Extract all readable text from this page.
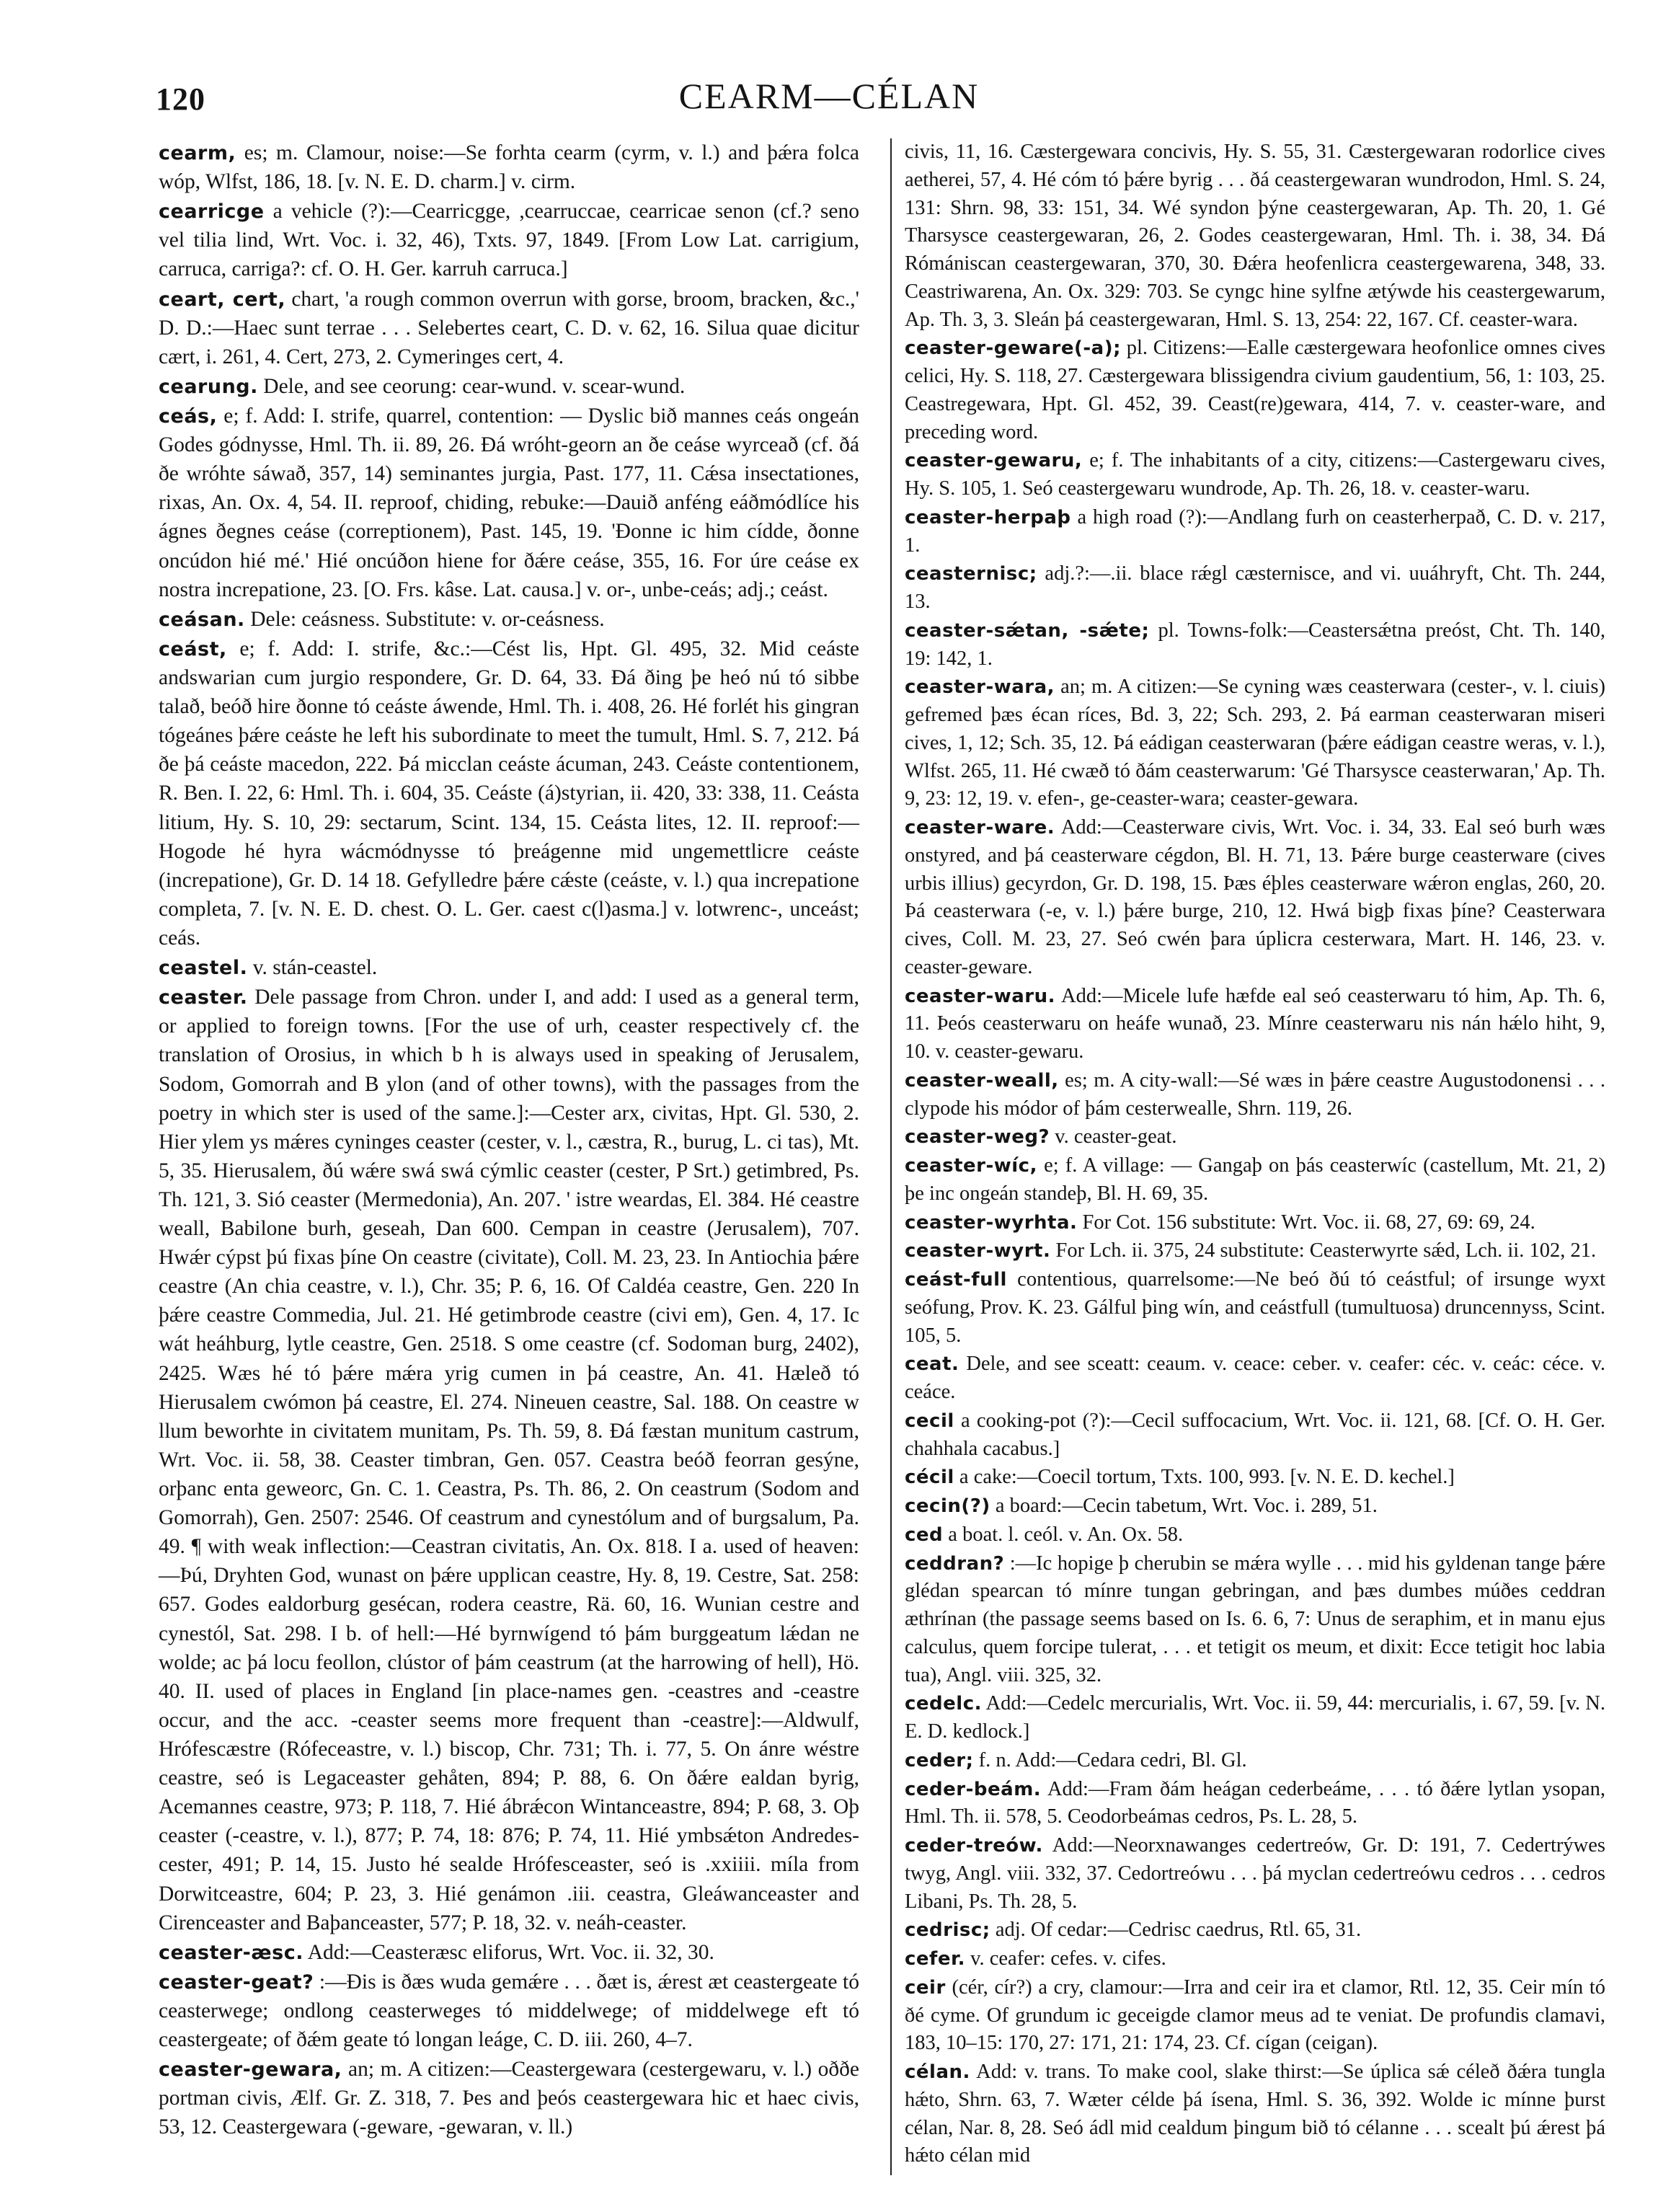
120	CEARM—CÉLAN

cearm, es; m. Clamour, noise:—Se forhta cearm (cyrm, v. l.) and þǽra folca wóp, Wlfst, 186, 18. [v. N. E. D. charm.] v. cirm.

cearricge a vehicle (?):—Cearricgge, ,cearruccae, cearricae senon (cf.? seno vel tilia lind, Wrt. Voc. i. 32, 46), Txts. 97, 1849. [From Low Lat. carrigium, carruca, carriga?: cf. O. H. Ger. karruh carruca.]

ceart, cert, chart, 'a rough common overrun with gorse, broom, bracken, &c.,' D. D.:—Haec sunt terrae . . . Selebertes ceart, C. D. v. 62, 16. Silua quae dicitur cært, i. 261, 4. Cert, 273, 2. Cymeringes cert, 4.

cearung. Dele, and see ceorung: cear-wund. v. scear-wund.

ceás, e; f. Add: I. strife, quarrel, contention: — Dyslic bið mannes ceás ongeán Godes gódnysse, Hml. Th. ii. 89, 26. Ðá wróht-georn an ðe ceáse wyrceað (cf. ðá ðe wróhte sáwað, 357, 14) seminantes jurgia, Past. 177, 11. Cǽsa insectationes, rixas, An. Ox. 4, 54. II. reproof, chiding, rebuke:—Dauið anféng eáðmódlíce his ágnes ðegnes ceáse (correptionem), Past. 145, 19. 'Ðonne ic him cídde, ðonne oncúdon hié mé.' Hié oncúðon hiene for ðǽre ceáse, 355, 16. For úre ceáse ex nostra increpatione, 23. [O. Frs. kâse. Lat. causa.] v. or-, unbe-ceás; adj.; ceást.

ceásan. Dele: ceásness. Substitute: v. or-ceásness.

ceást, e; f. Add: I. strife, &c.:—Cést lis, Hpt. Gl. 495, 32. Mid ceáste andswarian cum jurgio respondere, Gr. D. 64, 33. Ðá ðing þe heó nú tó sibbe talað, beóð hire ðonne tó ceáste áwende, Hml. Th. i. 408, 26. Hé forlét his gingran tógeánes þǽre ceáste he left his subordinate to meet the tumult, Hml. S. 7, 212. Þá ðe þá ceáste macedon, 222. Þá micclan ceáste ácuman, 243. Ceáste contentionem, R. Ben. I. 22, 6: Hml. Th. i. 604, 35. Ceáste (á)styrian, ii. 420, 33: 338, 11. Ceásta litium, Hy. S. 10, 29: sectarum, Scint. 134, 15. Ceásta lites, 12. II. reproof:—Hogode hé hyra wácmódnysse tó þreágenne mid ungemettlicre ceáste (increpatione), Gr. D. 14 18. Gefylledre þǽre cǽste (ceáste, v. l.) qua increpatione completa, 7. [v. N. E. D. chest. O. L. Ger. caest c(l)asma.] v. lotwrenc-, unceást; ceás.

ceastel. v. stán-ceastel.

ceaster. Dele passage from Chron. under I, and add: I used as a general term, or applied to foreign towns. [For the use of urh, ceaster respectively cf. the translation of Orosius, in which b h is always used in speaking of Jerusalem, Sodom, Gomorrah and B ylon (and of other towns), with the passages from the poetry in which ster is used of the same.]:—Cester arx, civitas, Hpt. Gl. 530, 2. Hier ylem ys mǽres cyninges ceaster (cester, v. l., cæstra, R., burug, L. ci tas), Mt. 5, 35. Hierusalem, ðú wǽre swá swá cýmlic ceaster (cester, P Srt.) getimbred, Ps. Th. 121, 3. Sió ceaster (Mermedonia), An. 207. ' istre weardas, El. 384. Hé ceastre weall, Babilone burh, geseah, Dan 600. Cempan in ceastre (Jerusalem), 707. Hwǽr cýpst þú fixas þíne On ceastre (civitate), Coll. M. 23, 23. In Antiochia þǽre ceastre (An chia ceastre, v. l.), Chr. 35; P. 6, 16. Of Caldéa ceastre, Gen. 220 In þǽre ceastre Commedia, Jul. 21. Hé getimbrode ceastre (civi em), Gen. 4, 17. Ic wát heáhburg, lytle ceastre, Gen. 2518. S ome ceastre (cf. Sodoman burg, 2402), 2425. Wæs hé tó þǽre mǽra yrig cumen in þá ceastre, An. 41. Hæleð tó Hierusalem cwómon þá ceastre, El. 274. Nineuen ceastre, Sal. 188. On ceastre w llum beworhte in civitatem munitam, Ps. Th. 59, 8. Ðá fæstan munitum castrum, Wrt. Voc. ii. 58, 38. Ceaster timbran, Gen. 057. Ceastra beóð feorran gesýne, orþanc enta geweorc, Gn. C. 1. Ceastra, Ps. Th. 86, 2. On ceastrum (Sodom and Gomorrah), Gen. 2507: 2546. Of ceastrum and cynestólum and of burgsalum, Pa. 49. ¶ with weak inflection:—Ceastran civitatis, An. Ox. 818. I a. used of heaven:—Þú, Dryhten God, wunast on þǽre upplican ceastre, Hy. 8, 19. Cestre, Sat. 258: 657. Godes ealdorburg gesécan, rodera ceastre, Rä. 60, 16. Wunian cestre and cynestól, Sat. 298. I b. of hell:—Hé byrnwígend tó þám burggeatum lǽdan ne wolde; ac þá locu feollon, clústor of þám ceastrum (at the harrowing of hell), Hö. 40. II. used of places in England [in place-names gen. -ceastres and -ceastre occur, and the acc. -ceaster seems more frequent than -ceastre]:—Aldwulf, Hrófescæstre (Rófeceastre, v. l.) biscop, Chr. 731; Th. i. 77, 5. On ánre wéstre ceastre, seó is Legaceaster gehåten, 894; P. 88, 6. On ðǽre ealdan byrig, Acemannes ceastre, 973; P. 118, 7. Hié ábrǽcon Wintanceastre, 894; P. 68, 3. Oþ ceaster (-ceastre, v. l.), 877; P. 74, 18: 876; P. 74, 11. Hié ymbsǽton Andredes-cester, 491; P. 14, 15. Justo hé sealde Hrófesceaster, seó is .xxiiii. míla from Dorwitceastre, 604; P. 23, 3. Hié genámon .iii. ceastra, Gleáwanceaster and Cirenceaster and Baþanceaster, 577; P. 18, 32. v. neáh-ceaster.

ceaster-æsc. Add:—Ceasteræsc eliforus, Wrt. Voc. ii. 32, 30.

ceaster-geat? :—Ðis is ðæs wuda gemǽre . . . ðæt is, ǽrest æt ceastergeate tó ceasterwege; ondlong ceasterweges tó middelwege; of middelwege eft tó ceastergeate; of ðǽm geate tó longan leáge, C. D. iii. 260, 4–7.

ceaster-gewara, an; m. A citizen:—Ceastergewara (cestergewaru, v. l.) oððe portman civis, Ælf. Gr. Z. 318, 7. Þes and þeós ceastergewara hic et haec civis, 53, 12. Ceastergewara (-geware, -gewaran, v. ll.)

civis, 11, 16. Cæstergewara concivis, Hy. S. 55, 31. Cæstergewaran rodorlice cives aetherei, 57, 4. Hé cóm tó þǽre byrig . . . ðá ceastergewaran wundrodon, Hml. S. 24, 131: Shrn. 98, 33: 151, 34. Wé syndon þýne ceastergewaran, Ap. Th. 20, 1. Gé Tharsysce ceastergewaran, 26, 2. Godes ceastergewaran, Hml. Th. i. 38, 34. Ðá Rómániscan ceastergewaran, 370, 30. Ðǽra heofenlicra ceastergewarena, 348, 33. Ceastriwarena, An. Ox. 329: 703. Se cyngc hine sylfne ætýwde his ceastergewarum, Ap. Th. 3, 3. Sleán þá ceastergewaran, Hml. S. 13, 254: 22, 167. Cf. ceaster-wara.

ceaster-geware(-a); pl. Citizens:—Ealle cæstergewara heofonlice omnes cives celici, Hy. S. 118, 27. Cæstergewara blissigendra civium gaudentium, 56, 1: 103, 25. Ceastregewara, Hpt. Gl. 452, 39. Ceast(re)gewara, 414, 7. v. ceaster-ware, and preceding word.

ceaster-gewaru, e; f. The inhabitants of a city, citizens:—Castergewaru cives, Hy. S. 105, 1. Seó ceastergewaru wundrode, Ap. Th. 26, 18. v. ceaster-waru.

ceaster-herpaþ a high road (?):—Andlang furh on ceasterherpað, C. D. v. 217, 1.

ceasternisc; adj.?:—.ii. blace rǽgl cæsternisce, and vi. uuáhryft, Cht. Th. 244, 13.

ceaster-sǽtan, -sǽte; pl. Towns-folk:—Ceastersǽtna preóst, Cht. Th. 140, 19: 142, 1.

ceaster-wara, an; m. A citizen:—Se cyning wæs ceasterwara (cester-, v. l. ciuis) gefremed þæs écan ríces, Bd. 3, 22; Sch. 293, 2. Þá earman ceasterwaran miseri cives, 1, 12; Sch. 35, 12. Þá eádigan ceasterwaran (þǽre eádigan ceastre weras, v. l.), Wlfst. 265, 11. Hé cwæð tó ðám ceasterwarum: 'Gé Tharsysce ceasterwaran,' Ap. Th. 9, 23: 12, 19. v. efen-, ge-ceaster-wara; ceaster-gewara.

ceaster-ware. Add:—Ceasterware civis, Wrt. Voc. i. 34, 33. Eal seó burh wæs onstyred, and þá ceasterware cégdon, Bl. H. 71, 13. Þǽre burge ceasterware (cives urbis illius) gecyrdon, Gr. D. 198, 15. Þæs éþles ceasterware wǽron englas, 260, 20. Þá ceasterwara (-e, v. l.) þǽre burge, 210, 12. Hwá bigþ fixas þíne? Ceasterwara cives, Coll. M. 23, 27. Seó cwén þara úplicra cesterwara, Mart. H. 146, 23. v. ceaster-geware.

ceaster-waru. Add:—Micele lufe hæfde eal seó ceasterwaru tó him, Ap. Th. 6, 11. Þeós ceasterwaru on heáfe wunað, 23. Mínre ceasterwaru nis nán hǽlo hiht, 9, 10. v. ceaster-gewaru.

ceaster-weall, es; m. A city-wall:—Sé wæs in þǽre ceastre Augustodonensi . . . clypode his módor of þám cesterwealle, Shrn. 119, 26.

ceaster-weg? v. ceaster-geat.

ceaster-wíc, e; f. A village: — Gangaþ on þás ceasterwíc (castellum, Mt. 21, 2) þe inc ongeán standeþ, Bl. H. 69, 35.

ceaster-wyrhta. For Cot. 156 substitute: Wrt. Voc. ii. 68, 27, 69: 69, 24.

ceaster-wyrt. For Lch. ii. 375, 24 substitute: Ceasterwyrte sǽd, Lch. ii. 102, 21.

ceást-full contentious, quarrelsome:—Ne beó ðú tó ceástful; of irsunge wyxt seófung, Prov. K. 23. Gálful þing wín, and ceástfull (tumultuosa) druncennyss, Scint. 105, 5.

ceat. Dele, and see sceatt: ceaum. v. ceace: ceber. v. ceafer: céc. v. ceác: céce. v. ceáce.

cecil a cooking-pot (?):—Cecil suffocacium, Wrt. Voc. ii. 121, 68. [Cf. O. H. Ger. chahhala cacabus.]

cécil a cake:—Coecil tortum, Txts. 100, 993. [v. N. E. D. kechel.]

cecin(?) a board:—Cecin tabetum, Wrt. Voc. i. 289, 51.

ced a boat. l. ceól. v. An. Ox. 58.

ceddran? :—Ic hopige þ cherubin se mǽra wylle . . . mid his gyldenan tange þǽre glédan spearcan tó mínre tungan gebringan, and þæs dumbes múðes ceddran æthrínan (the passage seems based on Is. 6. 6, 7: Unus de seraphim, et in manu ejus calculus, quem forcipe tulerat, . . . et tetigit os meum, et dixit: Ecce tetigit hoc labia tua), Angl. viii. 325, 32.

cedelc. Add:—Cedelc mercurialis, Wrt. Voc. ii. 59, 44: mercurialis, i. 67, 59. [v. N. E. D. kedlock.]

ceder; f. n. Add:—Cedara cedri, Bl. Gl.

ceder-beám. Add:—Fram ðám heágan cederbeáme, . . . tó ðǽre lytlan ysopan, Hml. Th. ii. 578, 5. Ceodorbeámas cedros, Ps. L. 28, 5.

ceder-treów. Add:—Neorxnawanges cedertreów, Gr. D: 191, 7. Cedertrýwes twyg, Angl. viii. 332, 37. Cedortreówu . . . þá myclan cedertreówu cedros . . . cedros Libani, Ps. Th. 28, 5.

cedrisc; adj. Of cedar:—Cedrisc caedrus, Rtl. 65, 31.

cefer. v. ceafer: cefes. v. cifes.

ceir (cér, cír?) a cry, clamour:—Irra and ceir ira et clamor, Rtl. 12, 35. Ceir mín tó ðé cyme. Of grundum ic geceigde clamor meus ad te veniat. De profundis clamavi, 183, 10–15: 170, 27: 171, 21: 174, 23. Cf. cígan (ceigan).

célan. Add: v. trans. To make cool, slake thirst:—Se úplica sǽ céleð ðǽra tungla hǽto, Shrn. 63, 7. Wæter célde þá ísena, Hml. S. 36, 392. Wolde ic mínne þurst célan, Nar. 8, 28. Seó ádl mid cealdum þingum bið tó célanne . . . scealt þú ǽrest þá hǽto célan mid
